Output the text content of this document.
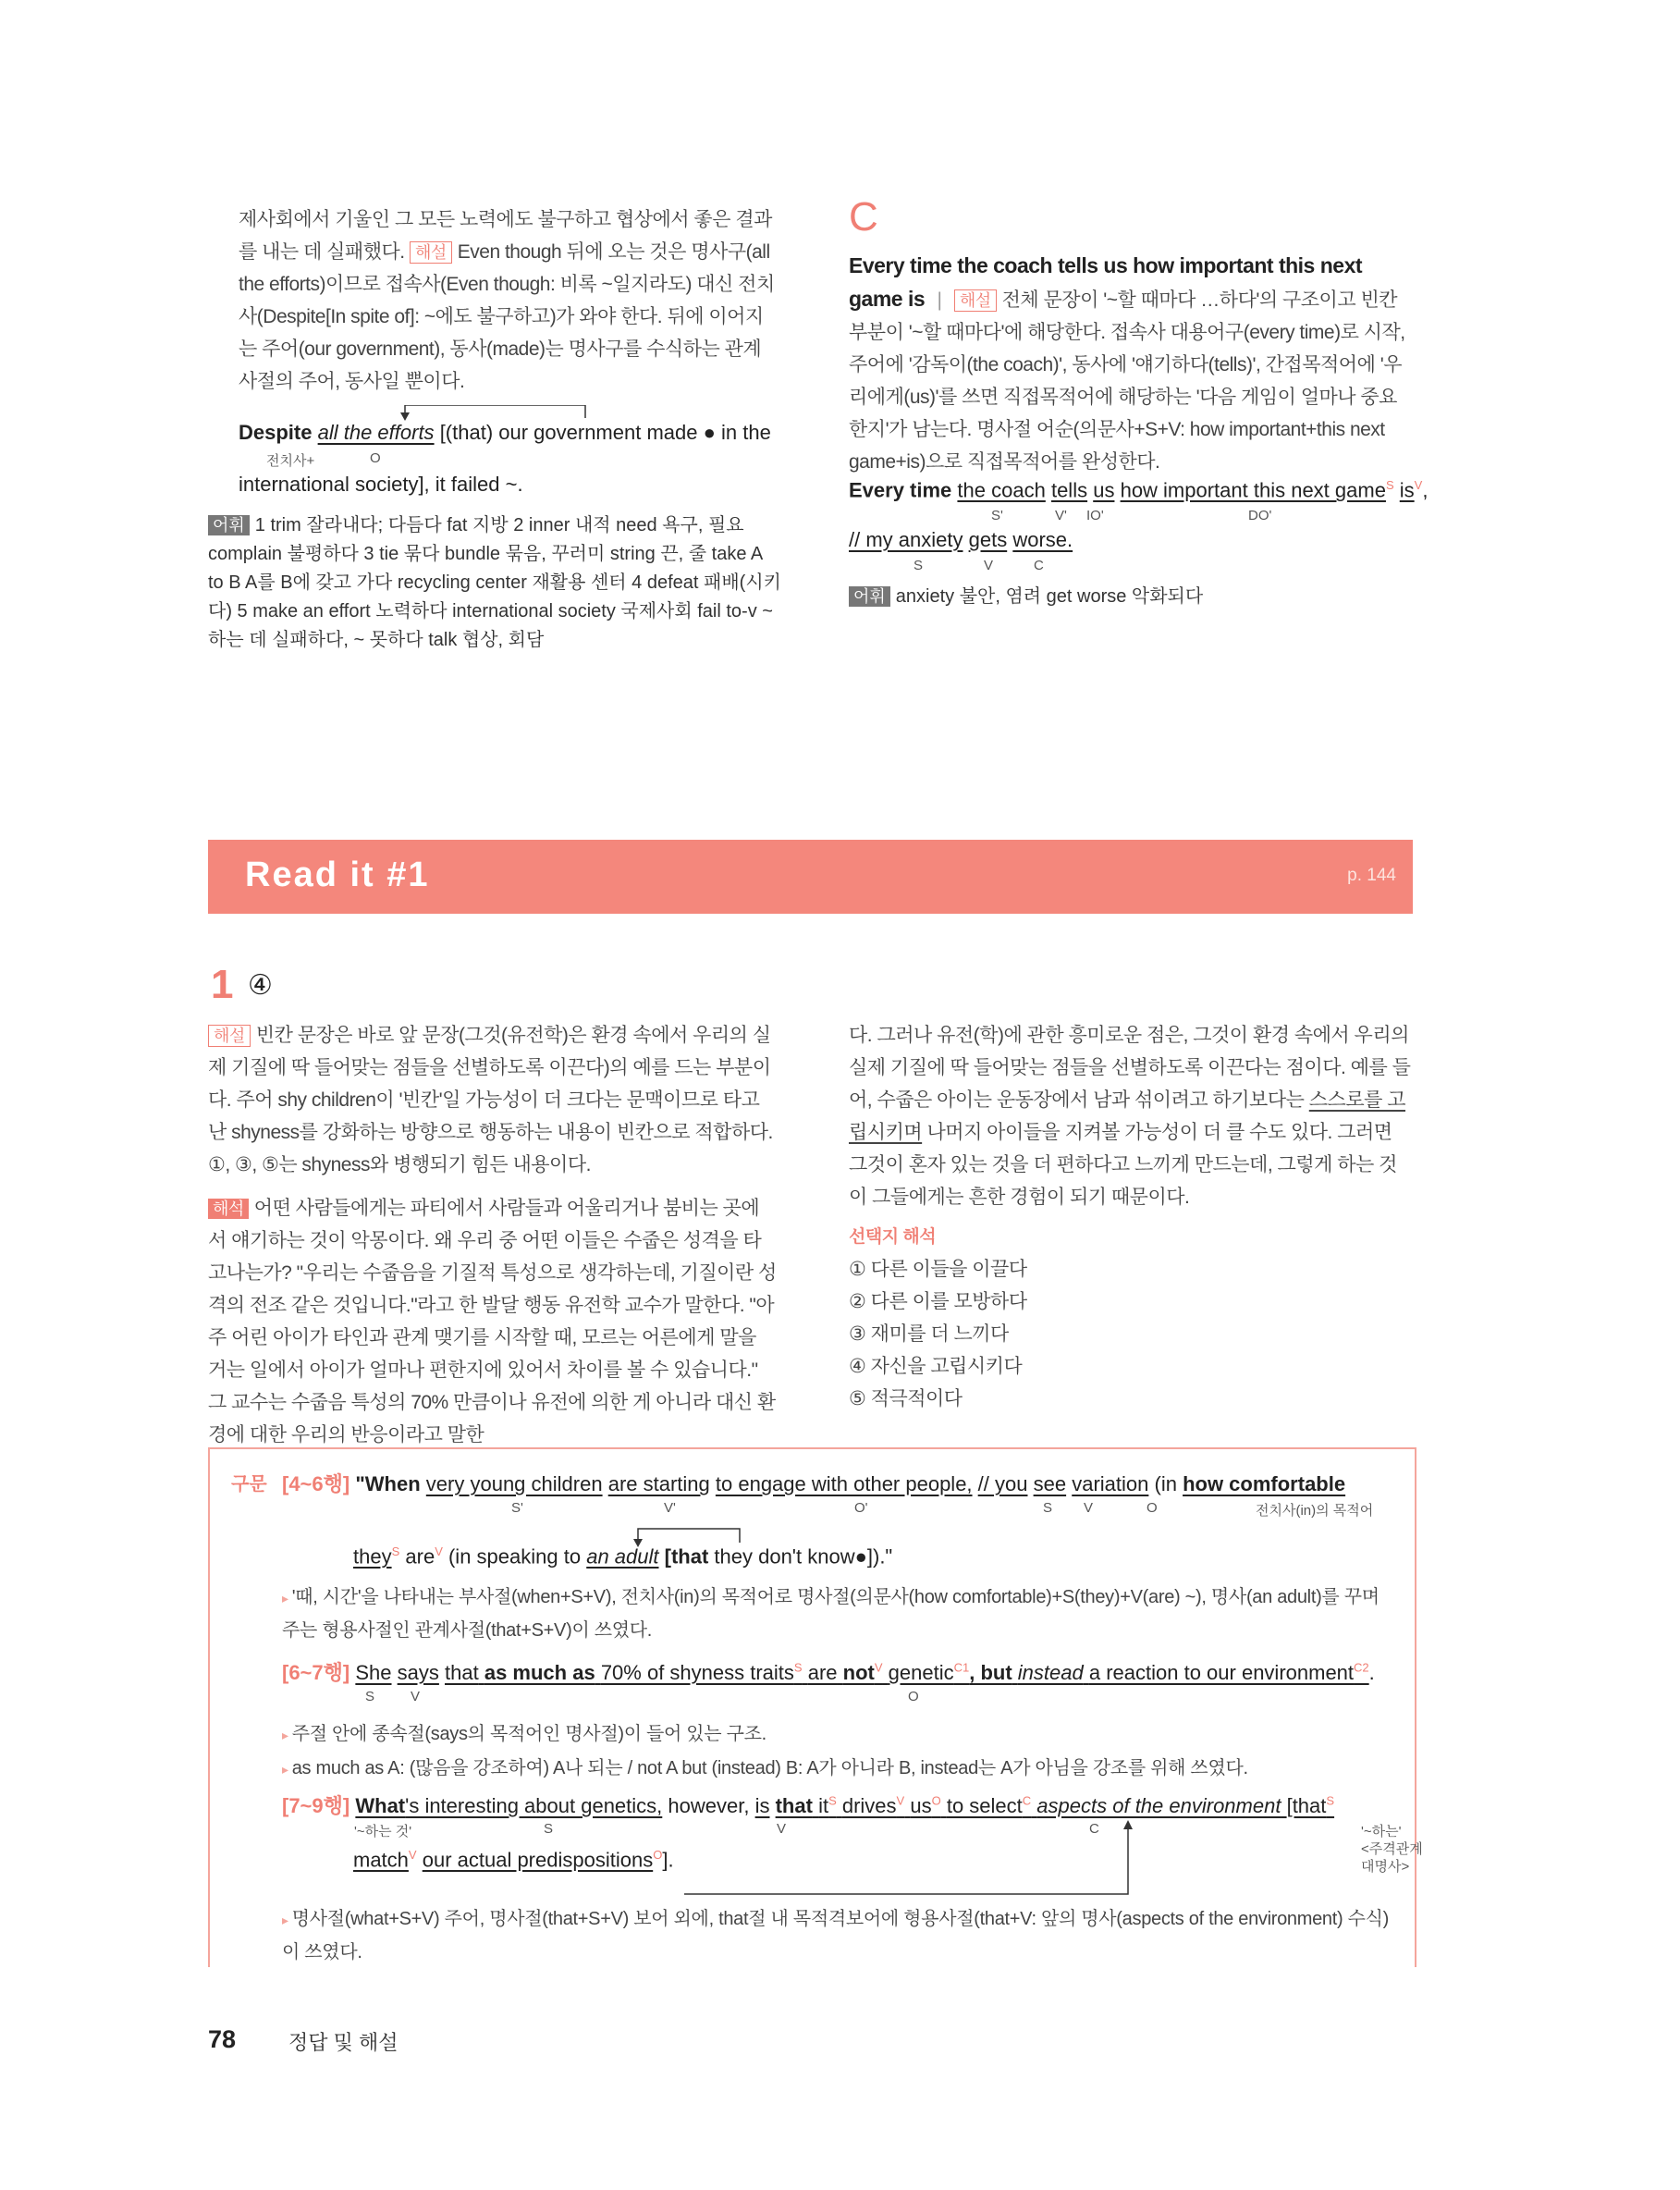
제사회에서 기울인 그 모든 노력에도 불구하고 협상에서 좋은 결과를 내는 데 실패했다. 해설 Even though 뒤에 오는 것은 명사구(all the efforts)이므로 접속사(Even though: 비록 ~일지라도) 대신 전치사(Despite[In spite of]: ~에도 불구하고)가 와야 한다. 뒤에 이어지는 주어(our government), 동사(made)는 명사구를 수식하는 관계사절의 주어, 동사일 뿐이다.

Despite all the efforts [(that) our government made ● in the
전치사+	O
international society], it failed ~.
어휘 1 trim 잘라내다; 다듬다 fat 지방 2 inner 내적 need 욕구, 필요 complain 불평하다 3 tie 묶다 bundle 묶음, 꾸러미 string 끈, 줄 take A to B A를 B에 갖고 가다 recycling center 재활용 센터 4 defeat 패배(시키다) 5 make an effort 노력하다 international society 국제사회 fail to-v ~하는 데 실패하다, ~ 못하다 talk 협상, 회담
C

Every time the coach tells us how important this next game is | 해설 전체 문장이 '~할 때마다 …하다'의 구조이고 빈칸 부분이 '~할 때마다'에 해당한다. 접속사 대용어구(every time)로 시작, 주어에 '감독이(the coach)', 동사에 '얘기하다(tells)', 간접목적어에 '우리에게(us)'를 쓰면 직접목적어에 해당하는 '다음 게임이 얼마나 중요한지'가 남는다. 명사절 어순(의문사+S+V: how important+this next game+is)으로 직접목적어를 완성한다.

Every time the coach tells us how important this next game$^S$ $is^V$,
S'	V' IO'	DO'
// my anxiety gets worse.
S	V	C
어휘 anxiety 불안, 염려 get worse 악화되다
Read it #1	p. 144
1 ④

해설 빈칸 문장은 바로 앞 문장(그것(유전학)은 환경 속에서 우리의 실제 기질에 딱 들어맞는 점들을 선별하도록 이끈다)의 예를 드는 부분이다. 주어 shy children이 '빈칸'일 가능성이 더 크다는 문맥이므로 타고난 shyness를 강화하는 방향으로 행동하는 내용이 빈칸으로 적합하다. ①, ③, ⑤는 shyness와 병행되기 힘든 내용이다.

해석 어떤 사람들에게는 파티에서 사람들과 어울리거나 붐비는 곳에서 얘기하는 것이 악몽이다. 왜 우리 중 어떤 이들은 수줍은 성격을 타고나는가? "우리는 수줍음을 기질적 특성으로 생각하는데, 기질이란 성격의 전조 같은 것입니다."라고 한 발달 행동 유전학 교수가 말한다. "아주 어린 아이가 타인과 관계 맺기를 시작할 때, 모르는 어른에게 말을 거는 일에서 아이가 얼마나 편한지에 있어서 차이를 볼 수 있습니다." 그 교수는 수줍음 특성의 70% 만큼이나 유전에 의한 게 아니라 대신 환경에 대한 우리의 반응이라고 말한

다. 그러나 유전(학)에 관한 흥미로운 점은, 그것이 환경 속에서 우리의 실제 기질에 딱 들어맞는 점들을 선별하도록 이끈다는 점이다. 예를 들어, 수줍은 아이는 운동장에서 남과 섞이려고 하기보다는 스스로를 고립시키며 나머지 아이들을 지켜볼 가능성이 더 클 수도 있다. 그러면 그것이 혼자 있는 것을 더 편하다고 느끼게 만드는데, 그렇게 하는 것이 그들에게는 흔한 경험이 되기 때문이다.

선택지 해석

① 다른 이들을 이끌다

② 다른 이를 모방하다

③ 재미를 더 느끼다

④ 자신을 고립시키다

⑤ 적극적이다

구문 [4~6행] "When very young children are starting to engage with other people, // you see variation (in how comfortable
S'	V'	O'	S V	O	전치사(in)의 목적어
they$^S$ are$^V$ (in speaking to an adult [that they don't know●])."
▸ '때, 시간'을 나타내는 부사절(when+S+V), 전치사(in)의 목적어로 명사절(의문사(how comfortable)+S(they)+V(are) ~), 명사(an adult)를 꾸며 주는 형용사절인 관계사절(that+S+V)이 쓰였다.
[6~7행] She says that as much as 70% of shyness traits$^S$ are not$^V$ genetic$^{C1}$, but instead a reaction to our environment$^{C2}$.
S	V	O
▸ 주절 안에 종속절(says의 목적어인 명사절)이 들어 있는 구조.
▸ as much as A: (많음을 강조하여) A나 되는 / not A but (instead) B: A가 아니라 B, instead는 A가 아님을 강조를 위해 쓰였다.
[7~9행] What's interesting about genetics, however, is that $it^S$ drives$^V$ $us^O$ to select$^C$ aspects of the environment [that$^S$
'~하는 것'	S	V	C	'~하는'
<주격관계
대명사>
match$^V$ our actual predispositions$^O$].
▸ 명사절(what+S+V) 주어, 명사절(that+S+V) 보어 외에, that절 내 목적격보어에 형용사절(that+V: 앞의 명사(aspects of the environment) 수식)이 쓰였다.
78	정답 및 해설
